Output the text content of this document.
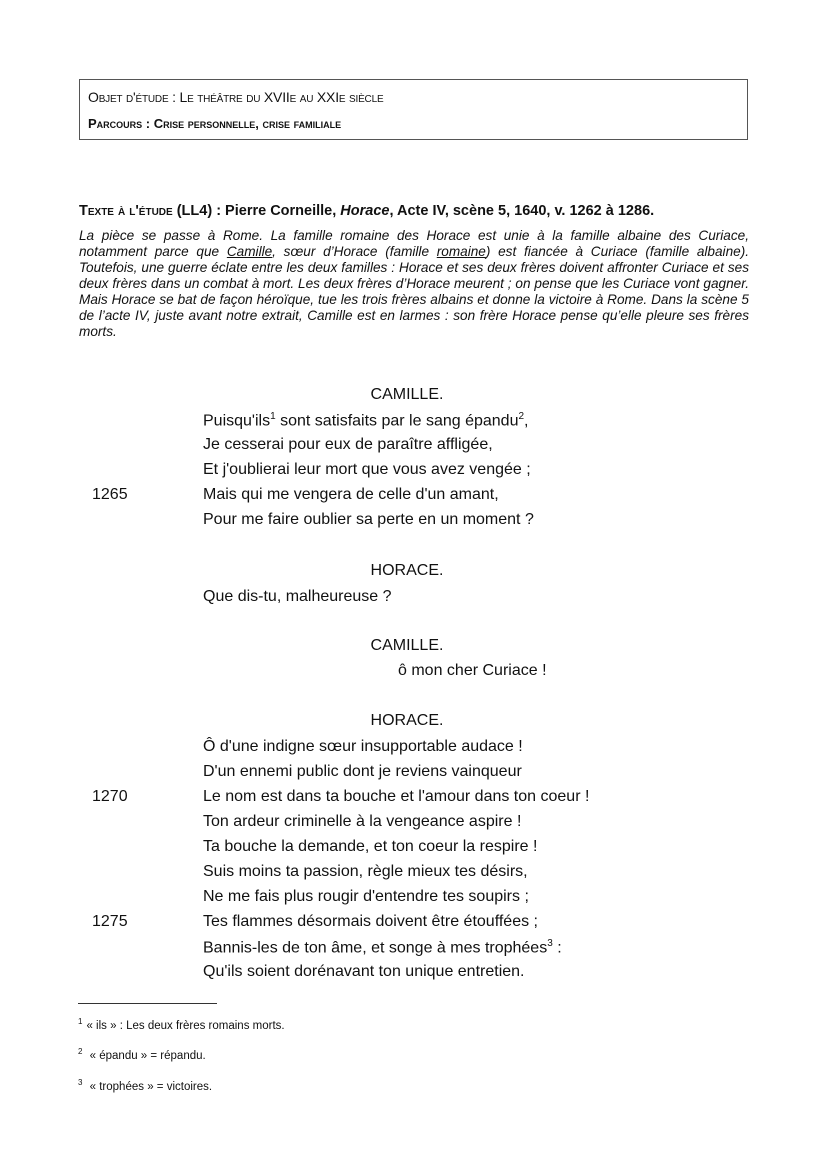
Objet d'étude : Le théâtre du XVIIe au XXIe siècle
Parcours : Crise personnelle, crise familiale
Texte à l'étude (LL4) : Pierre Corneille, Horace, Acte IV, scène 5, 1640, v. 1262 à 1286.
La pièce se passe à Rome. La famille romaine des Horace est unie à la famille albaine des Curiace, notamment parce que Camille, sœur d’Horace (famille romaine) est fiancée à Curiace (famille albaine). Toutefois, une guerre éclate entre les deux familles : Horace et ses deux frères doivent affronter Curiace et ses deux frères dans un combat à mort. Les deux frères d’Horace meurent ; on pense que les Curiace vont gagner. Mais Horace se bat de façon héroïque, tue les trois frères albains et donne la victoire à Rome. Dans la scène 5 de l’acte IV, juste avant notre extrait, Camille est en larmes : son frère Horace pense qu’elle pleure ses frères morts.
CAMILLE.
Puisqu'ils$^1$ sont satisfaits par le sang épandu$^2$,
Je cesserai pour eux de paraître affligée,
Et j'oublierai leur mort que vous avez vengée ;
1265	Mais qui me vengera de celle d'un amant,
Pour me faire oublier sa perte en un moment ?
HORACE.
Que dis-tu, malheureuse ?
CAMILLE.
ô mon cher Curiace !
HORACE.
Ô d'une indigne sœur insupportable audace !
D'un ennemi public dont je reviens vainqueur
1270	Le nom est dans ta bouche et l'amour dans ton coeur !
Ton ardeur criminelle à la vengeance aspire !
Ta bouche la demande, et ton coeur la respire !
Suis moins ta passion, règle mieux tes désirs,
Ne me fais plus rougir d'entendre tes soupirs ;
1275	Tes flammes désormais doivent être étouffées ;
Bannis-les de ton âme, et songe à mes trophées$^3$ :
Qu'ils soient dorénavant ton unique entretien.
$^1$ « ils » : Les deux frères romains morts.
$^2$ « épandu » = répandu.
$^3$ « trophées » = victoires.
